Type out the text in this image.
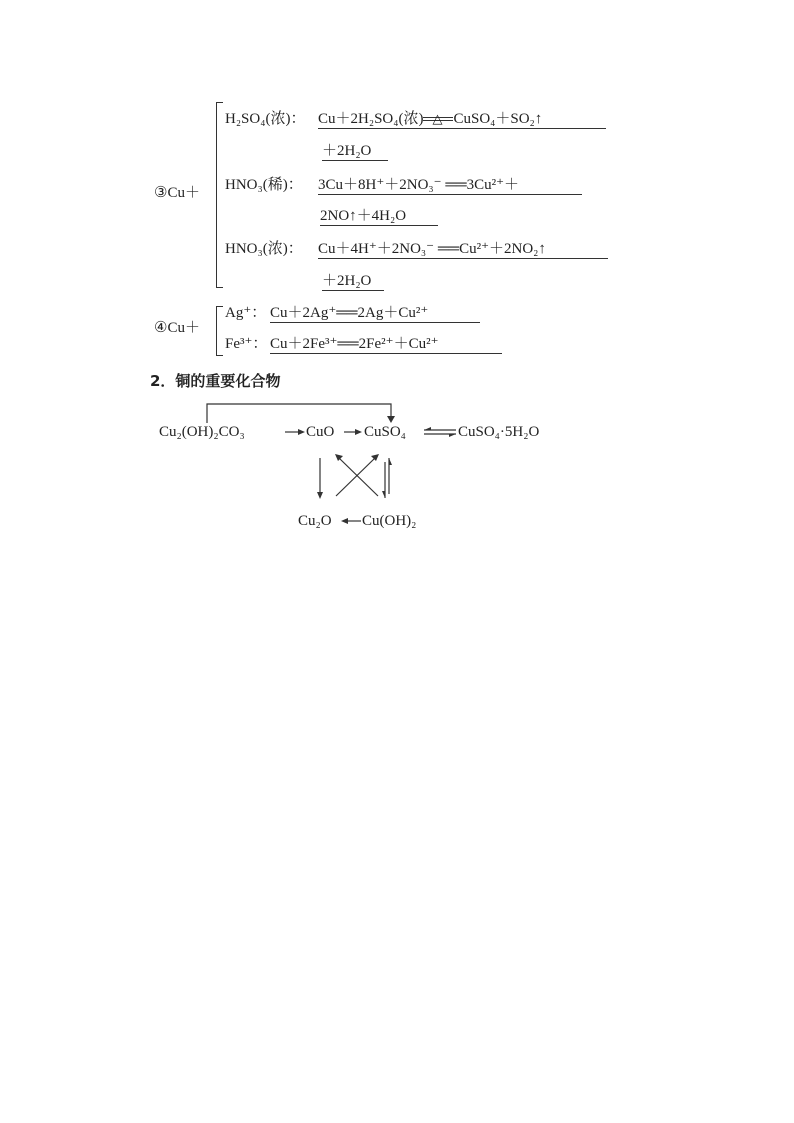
③Cu＋
H₂SO₄(浓)： Cu＋2H₂SO₄(浓) △ CuSO₄＋SO₂↑
＋2H₂O
HNO₃(稀)： 3Cu＋8H⁺＋2NO₃⁻ ══3Cu²⁺＋
2NO↑＋4H₂O
HNO₃(浓)： Cu＋4H⁺＋2NO₃⁻ ══Cu²⁺＋2NO₂↑
＋2H₂O
④Cu＋
Ag⁺： Cu＋2Ag⁺══2Ag＋Cu²⁺
Fe³⁺： Cu＋2Fe³⁺══2Fe²⁺＋Cu²⁺
2．铜的重要化合物
Cu₂(OH)₂CO₃	CuO CuSO₄	CuSO₄·5H₂O
Cu₂O Cu(OH)₂
